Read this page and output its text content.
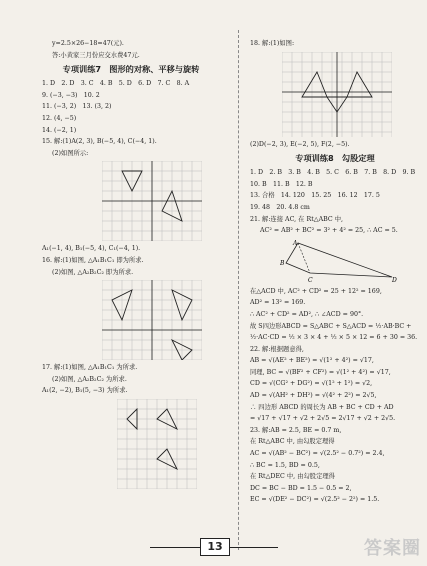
y=2.5×26−18=47(元).
答:小黄家三月份应交水费47元.
专项训练7　图形的对称、平移与旋转
1. D　2. D　3. C　4. B　5. D　6. D　7. C　8. A
9. (−3, −3)　10. 2
11. (−3, 2)　13. (3, 2)
12. (4, −5)
14. (−2, 1)
15. 解:(1)A(2, 3), B(−5, 4), C(−4, 1).
(2)如图所示:
A₁(−1, 4), B₁(−5, 4), C₁(−4, 1).
16. 解:(1)如图, △A₁B₁C₁ 即为所求.
(2)如图, △A₂B₂C₂ 即为所求.
17. 解:(1)如图, △A₁B₁C₁ 为所求.
(2)如图, △A₂B₂C₂ 为所求.
A₁(2, −2), B₁(5, −3) 为所求.
18. 解:(1)如图:
(2)D(−2, 3), E(−2, 5), F(2, −5).
专项训练8　勾股定理
1. D　2. B　3. B　4. B　5. C　6. B　7. B　8. D　9. B
10. B　11. B　12. B
13. 合格　14. 120　15. 25　16. 12　17. 5
19. 48　20. 4.8 cm
21. 解:连接 AC, 在 Rt△ABC 中,
AC² = AB² + BC² = 3² + 4² = 25, ∴ AC = 5.
A
B
C	D
在△ACD 中, AC² + CD² = 25 + 12² = 169,
AD² = 13² = 169.
∴ AC² + CD² = AD², ∴ ∠ACD = 90°.
故 S四边形ABCD = S△ABC + S△ACD = ½·AB·BC +
½·AC·CD = ½ × 3 × 4 + ½ × 5 × 12 = 6 + 30 = 36.
22. 解:根据题意得,
AB = √(AE² + BE²) = √(1² + 4²) = √17,
同理, BC = √(BF² + CF²) = √(1² + 4²) = √17,
CD = √(CG² + DG²) = √(1² + 1²) = √2,
AD = √(AH² + DH²) = √(4² + 2²) = 2√5,
∴ 四边形 ABCD 的周长为 AB + BC + CD + AD
= √17 + √17 + √2 + 2√5 = 2√17 + √2 + 2√5.
23. 解:AB = 2.5, BE = 0.7 m,
在 Rt△ABC 中, 由勾股定理得
AC = √(AB² − BC²) = √(2.5² − 0.7²) = 2.4,
∴ BC = 1.5, BD = 0.5,
在 Rt△DEC 中, 由勾股定理得
DC = BC − BD = 1.5 − 0.5 = 2,
EC = √(DE² − DC²) = √(2.5² − 2²) = 1.5.
13	答案圈
